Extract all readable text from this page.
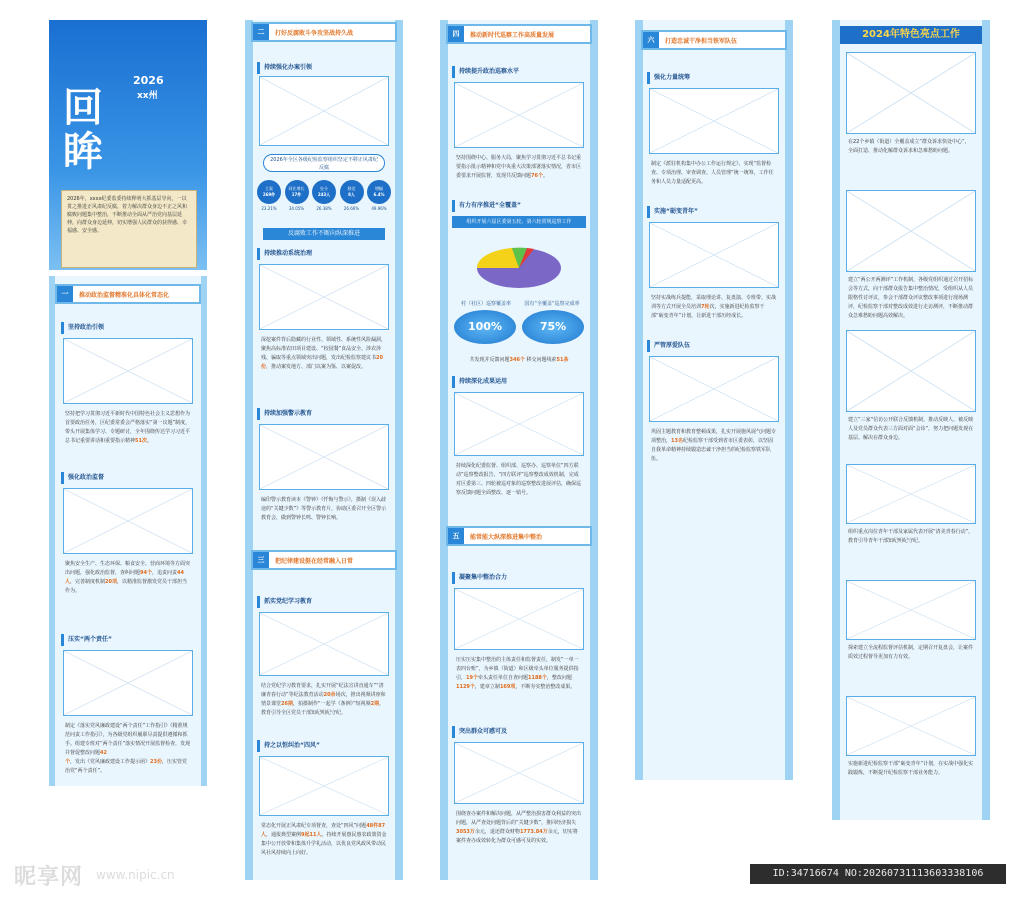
2026
xx州
回眸
2026年，xxxx纪委监委持续释明大抓基层导向，一以贯之推进正风肃纪反腐，着力解决群众身边不正之风和腐败问题集中整治，不断推动全面从严治党向基层延伸，向群众身边延伸，切实增强人民群众的获得感、幸福感、安全感。
一	推动政治监督精准化具体化常态化
坚持政治引领
坚持把学习贯彻习近平新时代中国特色社会主义思想作为首要政治任务，区纪委常委会严格落实“第一议题”制度，带头开展集体学习、专题研讨，全年围绕传达学习习近平总书记重要讲话和重要指示精神51次。
强化政治监督
聚焦安全生产、生态环保、粮食安全、营商环境等方面突出问题，强化政治监督，查纠问题94个，追责问责44人，完善制度机制20项，以精准监督激发党员干部担当作为。
压实“两个责任”
制定《落实党风廉政建设“两个责任”工作指引》《精准规范问责工作指引》，为各级党组织履职尽责提供遵循和抓手。组建专班对“两个责任”落实情况开展监督检查，发现并督促整改问题42个，发出《党风廉政建设工作提示函》23份，压实管党治党“两个责任”。
二	打好反腐败斗争攻坚战持久战
持续强化办案引领
2026年全区各级纪检监察组织坚定不移正风肃纪反腐
立案
269件
23.21%
同比增长
17件
34.05%
处分
243人
26.38%
移送
8人
26.66%
增幅
6.4%
49.96%
反腐败工作不断向纵深推进
持续推动系统治理
深挖案件背后隐藏的行业性、领域性、系统性风险漏洞，聚焦高标准农田项目建设、“校园餐”食品安全、涉农涉残、骗取等重点领域突出问题，发出纪检监察建议书20份，推动案发地方、部门以案为鉴、以案促改。
持续加强警示教育
编印警示教育读本《警钟》《忏悔与警示》，摄制《误入歧途的“关键少数”》等警示教育片，协助区委召开全区警示教育会，做到警钟长鸣、警钟长响。
三	把纪律建设挺在经常融入日常
抓实党纪学习教育
结合党纪学习教育要求，扎实开展“纪法宣讲直通车”“清廉青春行动”等纪法教育活动20余场次，推出视频讲座和情景课堂26期，拍摄制作“一起学《条例》”短视频2期，教育引导全区党员干部知纪明纪守纪。
持之以恒纠治“四风”
常态化开展正风肃纪专项督查，查处“四风”问题48件87人，通报典型案例9起11人。持续开展惠民惠农政策资金集中公开放带和集体升学礼活动，以优良党风政风带动民风社风持续向上向好。
四	推动新时代巡察工作高质量发展
持续提升政治巡察水平
坚持围绕中心、服务大局，聚焦学习贯彻习近平总书记重要指示批示精神和党中央重大决策部署落实情况，省市区委要求开展监督，发现共反馈问题76个。
有力有序推进“全覆盖”
组织开展六届区委第五轮、第六轮常规巡察工作
村（社区）巡察覆盖率	国有“全覆盖”巡察完成率
100%	75%
共发现并反馈问题346个 移交问题线索51条
持续深化成果运用
持续深化纪委监督、组织部、巡察办、巡察单位“四方联动”巡察整改报告、“四方联评”巡察整改成效机制，完成对区委第三、四轮被巡对象的巡察整改进展评估，确保巡察反馈问题全面整改、逐一销号。
五	能常能大纵深推进集中整治
凝聚集中整治合力
压实压实集中整治的主体责任和监督责任，制发“一单一表四台账”，为乡镇（街道）和区级牵头单位服务提供指引，19个牵头责任单位自查问题1188个，整改问题1129个，建章立制169项，不断夯实整治整改成果。
突出群众可感可及
围绕查办案件和解决问题，从严整治损害群众利益的突出问题，从严查处问题背后的“关键少数”，推回经济损失3053万余元，退还群众财物1773.84万余元，切实将案件查办成效转化为群众可感可及的实效。
六	打造忠诚干净担当铁军队伍
强化力量统筹
制定《派驻机构集中办公工作运行规定》，实现“监督检查、专项治理、审查调查、人员管理”统一统筹，工作任务和人员力量适配更高。
实施“砺变青年”
坚持实战练兵提能，采取理论讲、复盘演、专班带、实战训等方式开展全员培训7轮次，实施新进纪检监察干部“砺变青年”计划，让新进干部历经成长。
严管厚爱队伍
巩固主题教育和教育整顿成果，扎实开展施风展气问题专项整治，13名纪检监察干部受到省市区委表彰，以坚固自我革命精神持续锻造忠诚干净担当的纪检监察铁军队伍。
2024年特色亮点工作
在22个乡镇（街道）全覆盖成立“群众诉求快处中心”，全面打造、推动化解群众诉求和急难愁盼问题。
建立“两公开两测评”工作机制，各级党组织通过召开招标会等方式，向干部群众报告集中整治情况，受组织从人员限格性讨评议，参会干部群众评议整改事项进行现场测评，纪检监察干部对整改成效进行走访测评，不断推动群众急难愁盼问题高效解决。
建立“三家”信访公开联合反馈机制，推动反映人、被反映人及党员群众代表三方面对面“会诊”，努力把问题发现在基层、解决在群众身边。
组织重点岗位青年干部及家属代表开展“清美青春行动”，教育引导青年干部知纪明纪守纪。
探索建立全流程监督评估机制，定期召开复盘会，让案件质效过程督导更加有力有效。
实施新进纪检监察干部“砺变青年”计划，在实战中强化实践锻炼，不断提升纪检监察干部业务能力。
昵享网 www.nipic.cn	ID:34716674 NO:20260731113603338106
